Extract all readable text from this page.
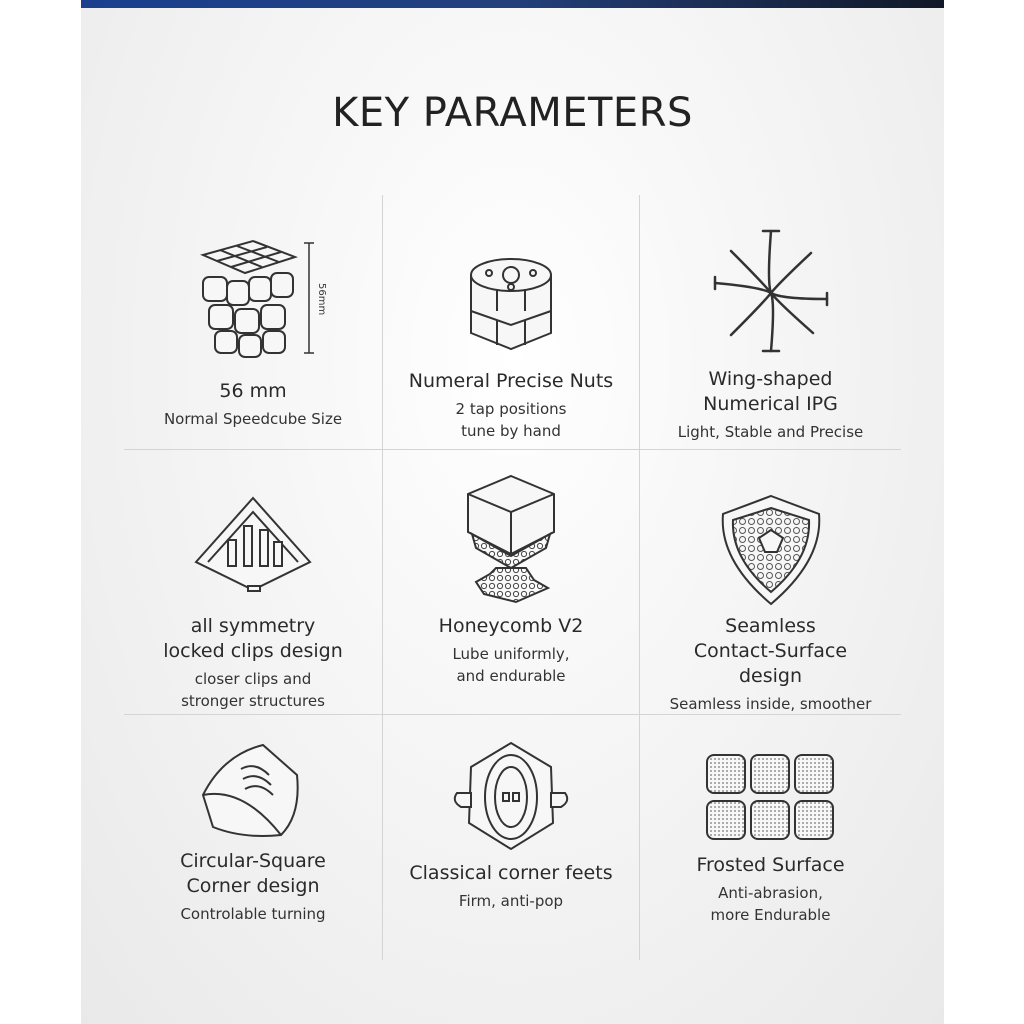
KEY PARAMETERS
56mm
56 mm
Normal Speedcube Size
Numeral Precise Nuts
2 tap positions
tune by hand
Wing-shaped
Numerical IPG
Light, Stable and Precise
all symmetry
locked clips design
closer clips and
stronger structures
Honeycomb V2
Lube uniformly,
and endurable
Seamless
Contact-Surface
design
Seamless inside, smoother
Circular-Square
Corner design
Controlable turning
Classical corner feets
Firm, anti-pop
Frosted Surface
Anti-abrasion,
more Endurable
